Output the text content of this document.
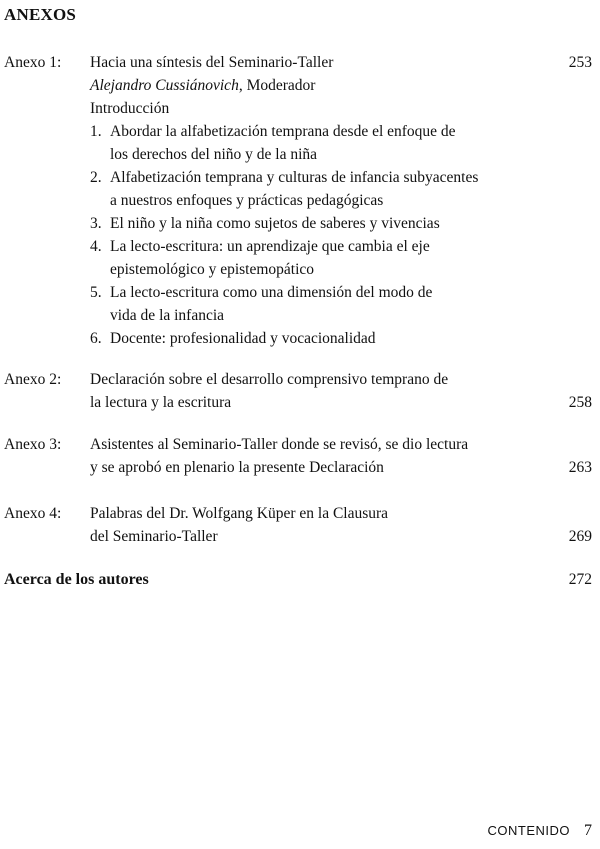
ANEXOS
Anexo 1: Hacia una síntesis del Seminario-Taller	253
Alejandro Cussiánovich, Moderador
Introducción
1. Abordar la alfabetización temprana desde el enfoque de
los derechos del niño y de la niña
2. Alfabetización temprana y culturas de infancia subyacentes
a nuestros enfoques y prácticas pedagógicas
3. El niño y la niña como sujetos de saberes y vivencias
4. La lecto-escritura: un aprendizaje que cambia el eje
epistemológico y epistemopático
5. La lecto-escritura como una dimensión del modo de
vida de la infancia
6. Docente: profesionalidad y vocacionalidad
Anexo 2: Declaración sobre el desarrollo comprensivo temprano de
la lectura y la escritura	258
Anexo 3: Asistentes al Seminario-Taller donde se revisó, se dio lectura
y se aprobó en plenario la presente Declaración	263
Anexo 4: Palabras del Dr. Wolfgang Küper en la Clausura
del Seminario-Taller	269
Acerca de los autores	272
CONTENIDO 7
